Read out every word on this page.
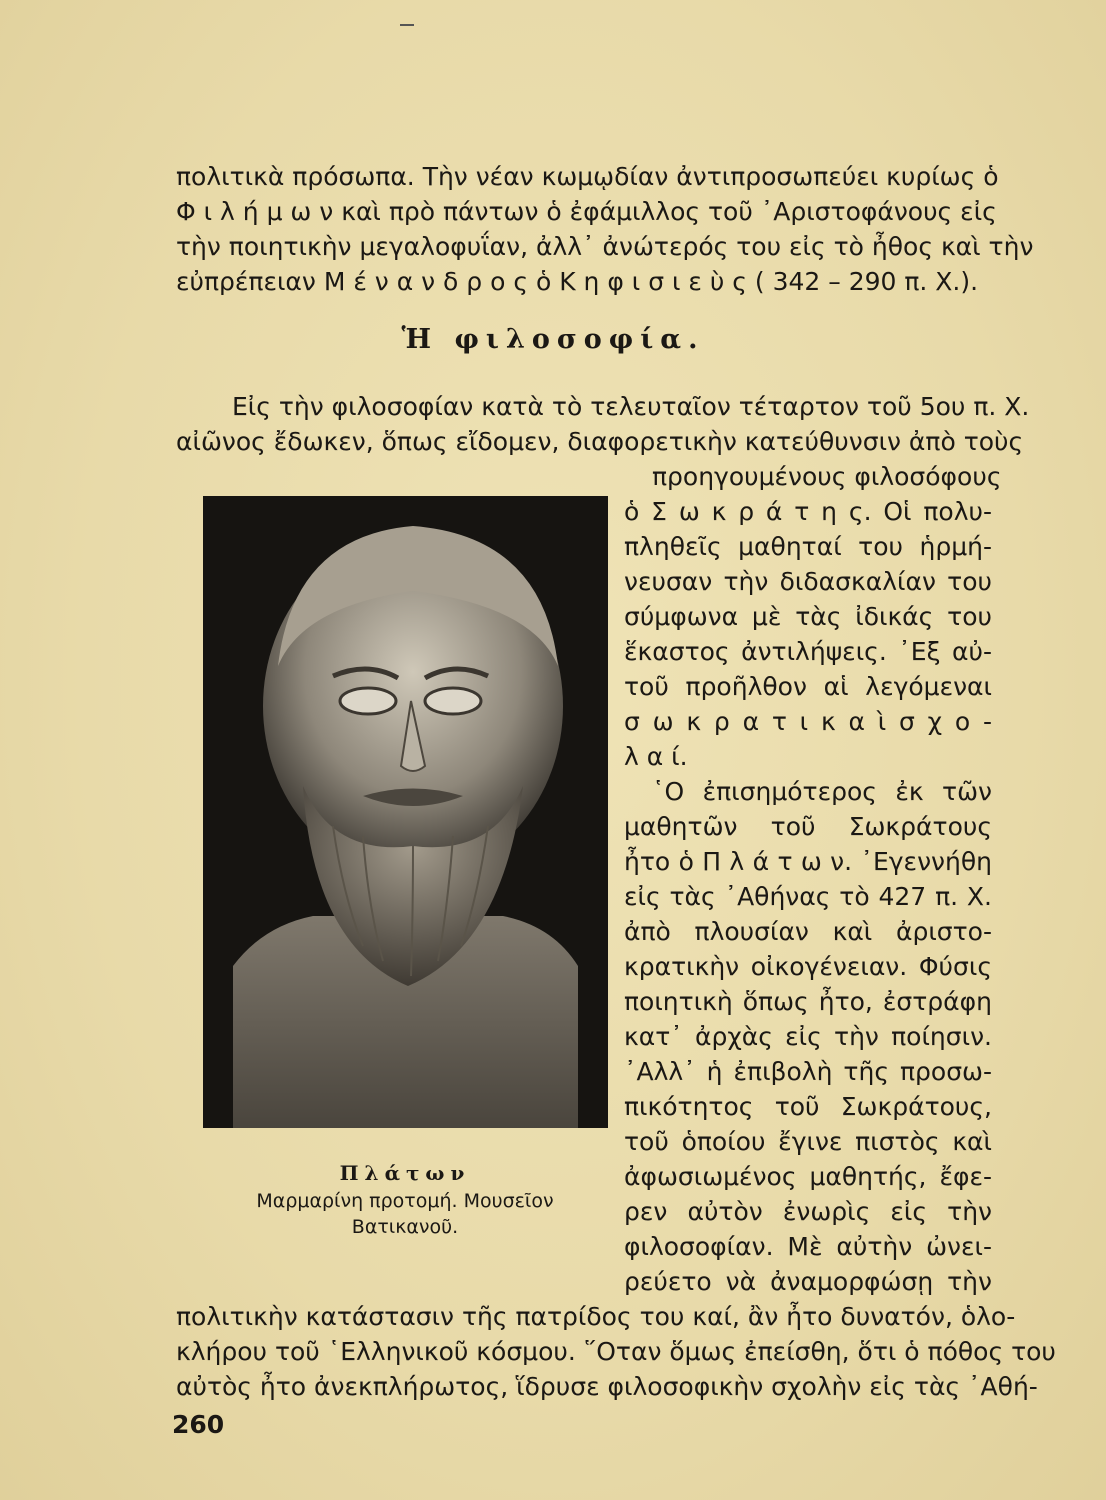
πολιτικὰ πρόσωπα. Τὴν νέαν κωμῳδίαν ἀντιπροσωπεύει κυρίως ὁ
Φ ι λ ή μ ω ν καὶ πρὸ πάντων ὁ ἐφάμιλλος τοῦ ᾿Αριστοφάνους εἰς
τὴν ποιητικὴν μεγαλοφυΐαν, ἀλλ᾿ ἀνώτερός του εἰς τὸ ἦθος καὶ τὴν
εὐπρέπειαν Μ έ ν α ν δ ρ ο ς ὁ Κ η φ ι σ ι ε ὺ ς ( 342 – 290 π. Χ.).
Ἡ φιλοσοφία.
Εἰς τὴν φιλοσοφίαν κατὰ τὸ τελευταῖον τέταρτον τοῦ 5ου π. Χ.
αἰῶνος ἔδωκεν, ὅπως εἴδομεν, διαφορετικὴν κατεύθυνσιν ἀπὸ τοὺς
Πλάτων
Μαρμαρίνη προτομή. Μουσεῖον
Βατικανοῦ.
προηγουμένους φιλοσόφους
ὁ Σ ω κ ρ ά τ η ς. Οἱ πολυ-
πληθεῖς μαθηταί του ἡρμή-
νευσαν τὴν διδασκαλίαν του
σύμφωνα μὲ τὰς ἰδικάς του
ἕκαστος ἀντιλήψεις. ᾿Εξ αὐ-
τοῦ προῆλθον αἱ λεγόμεναι
σ ω κ ρ α τ ι κ α ὶ σ χ ο -
λ α ί.
῾Ο ἐπισημότερος ἐκ τῶν
μαθητῶν τοῦ Σωκράτους
ἦτο ὁ Π λ ά τ ω ν. ᾿Εγεννήθη
εἰς τὰς ᾿Αθήνας τὸ 427 π. Χ.
ἀπὸ πλουσίαν καὶ ἀριστο-
κρατικὴν οἰκογένειαν. Φύσις
ποιητικὴ ὅπως ἦτο, ἐστράφη
κατ᾿ ἀρχὰς εἰς τὴν ποίησιν.
᾿Αλλ᾿ ἡ ἐπιβολὴ τῆς προσω-
πικότητος τοῦ Σωκράτους,
τοῦ ὁποίου ἔγινε πιστὸς καὶ
ἀφωσιωμένος μαθητής, ἔφε-
ρεν αὐτὸν ἐνωρὶς εἰς τὴν
φιλοσοφίαν. Μὲ αὐτὴν ὠνει-
ρεύετο νὰ ἀναμορφώσῃ τὴν
πολιτικὴν κατάστασιν τῆς πατρίδος του καί, ἂν ἦτο δυνατόν, ὁλο-
κλήρου τοῦ ῾Ελληνικοῦ κόσμου. ῞Οταν ὅμως ἐπείσθη, ὅτι ὁ πόθος του
αὐτὸς ἦτο ἀνεκπλήρωτος, ἵδρυσε φιλοσοφικὴν σχολὴν εἰς τὰς ᾿Αθή-
260
